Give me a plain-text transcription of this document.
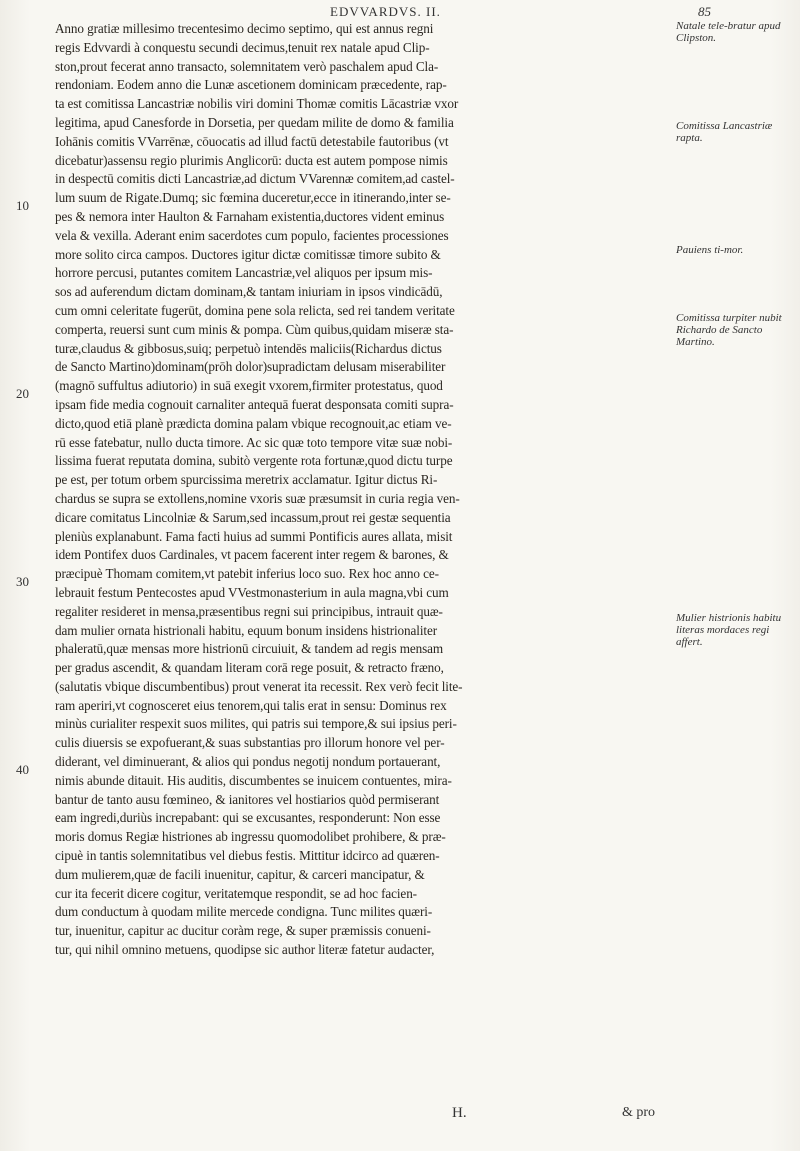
EDVVARDVS. II.	85
10
20
30
40
Anno gratiæ millesimo trecentesimo decimo septimo, qui est annus regni
regis Edvvardi à conquestu secundi decimus,tenuit rex natale apud Clip-
ston,prout fecerat anno transacto, solemnitatem verò paschalem apud Cla-
rendoniam. Eodem anno die Lunæ ascetionem dominicam præcedente, rap-
ta est comitissa Lancastriæ nobilis viri domini Thomæ comitis Lācastriæ vxor
legitima, apud Canesforde in Dorsetia, per quedam milite de domo & familia
Iohānis comitis VVarrēnæ, cōuocatis ad illud factū detestabile fautoribus (vt
dicebatur)assensu regio plurimis Anglicorū: ducta est autem pompose nimis
in despectū comitis dicti Lancastriæ,ad dictum VVarennæ comitem,ad castel-
lum suum de Rigate.Dumq; sic fœmina duceretur,ecce in itinerando,inter se-
pes & nemora inter Haulton & Farnaham existentia,ductores vident eminus
vela & vexilla. Aderant enim sacerdotes cum populo, facientes processiones
more solito circa campos. Ductores igitur dictæ comitissæ timore subito &
horrore percusi, putantes comitem Lancastriæ,vel aliquos per ipsum mis-
sos ad auferendum dictam dominam,& tantam iniuriam in ipsos vindicādū,
cum omni celeritate fugerūt, domina pene sola relicta, sed rei tandem veritate
comperta, reuersi sunt cum minis & pompa. Cùm quibus,quidam miseræ sta-
turæ,claudus & gibbosus,suiq; perpetuò intendēs maliciis(Richardus dictus
de Sancto Martino)dominam(prōh dolor)supradictam delusam miserabiliter
(magnō suffultus adiutorio) in suā exegit vxorem,firmiter protestatus, quod
ipsam fide media cognouit carnaliter antequā fuerat desponsata comiti supra-
dicto,quod etiā planè prædicta domina palam vbique recognouit,ac etiam ve-
rū esse fatebatur, nullo ducta timore. Ac sic quæ toto tempore vitæ suæ nobi-
lissima fuerat reputata domina, subitò vergente rota fortunæ,quod dictu turpe
pe est, per totum orbem spurcissima meretrix acclamatur. Igitur dictus Ri-
chardus se supra se extollens,nomine vxoris suæ præsumsit in curia regia ven-
dicare comitatus Lincolniæ & Sarum,sed incassum,prout rei gestæ sequentia
pleniùs explanabunt. Fama facti huius ad summi Pontificis aures allata, misit
idem Pontifex duos Cardinales, vt pacem facerent inter regem & barones, &
præcipuè Thomam comitem,vt patebit inferius loco suo. Rex hoc anno ce-
lebrauit festum Pentecostes apud VVestmonasterium in aula magna,vbi cum
regaliter resideret in mensa,præsentibus regni sui principibus, intrauit quæ-
dam mulier ornata histrionali habitu, equum bonum insidens histrionaliter
phaleratū,quæ mensas more histrionū circuiuit, & tandem ad regis mensam
per gradus ascendit, & quandam literam corā rege posuit, & retracto fræno,
(salutatis vbique discumbentibus) prout venerat ita recessit. Rex verò fecit lite-
ram aperiri,vt cognosceret eius tenorem,qui talis erat in sensu: Dominus rex
minùs curialiter respexit suos milites, qui patris sui tempore,& sui ipsius peri-
culis diuersis se expofuerant,& suas substantias pro illorum honore vel per-
diderant, vel diminuerant, & alios qui pondus negotij nondum portauerant,
nimis abunde ditauit. His auditis, discumbentes se inuicem contuentes, mira-
bantur de tanto ausu fœmineo, & ianitores vel hostiarios quòd permiserant
eam ingredi,duriùs increpabant: qui se excusantes, responderunt: Non esse
moris domus Regiæ histriones ab ingressu quomodolibet prohibere, & præ-
cipuè in tantis solemnitatibus vel diebus festis. Mittitur idcirco ad quæren-
dum mulierem,quæ de facili inuenitur, capitur, & carceri mancipatur, &
cur ita fecerit dicere cogitur, veritatemque respondit, se ad hoc facien-
dum conductum à quodam milite mercede condigna. Tunc milites quæri-
tur, inuenitur, capitur ac ducitur coràm rege, & super præmissis conueni-
tur, qui nihil omnino metuens, quodipse sic author literæ fatetur audacter,
Natale tele-bratur apud Clipston.
Comitissa Lancastriæ rapta.
Pauiens ti-mor.
Comitissa turpiter nubit Richardo de Sancto Martino.
Mulier histrionis habitu literas mordaces regi affert.
H.	& pro
